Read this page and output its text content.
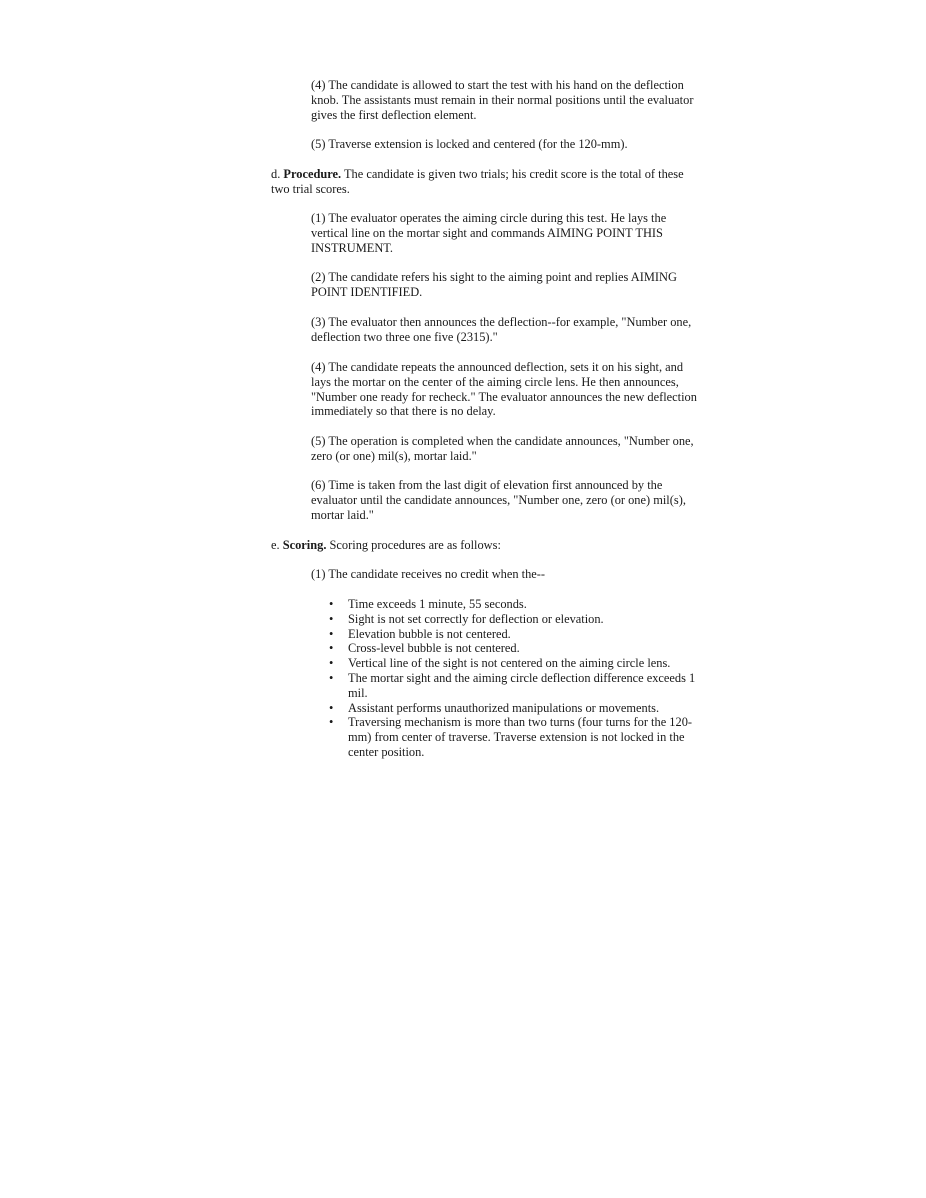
(4) The candidate is allowed to start the test with his hand on the deflection knob. The assistants must remain in their normal positions until the evaluator gives the first deflection element.

(5) Traverse extension is locked and centered (for the 120-mm).

d. Procedure. The candidate is given two trials; his credit score is the total of these two trial scores.

(1) The evaluator operates the aiming circle during this test. He lays the vertical line on the mortar sight and commands AIMING POINT THIS INSTRUMENT.

(2) The candidate refers his sight to the aiming point and replies AIMING POINT IDENTIFIED.

(3) The evaluator then announces the deflection--for example, "Number one, deflection two three one five (2315)."

(4) The candidate repeats the announced deflection, sets it on his sight, and lays the mortar on the center of the aiming circle lens. He then announces, "Number one ready for recheck." The evaluator announces the new deflection immediately so that there is no delay.

(5) The operation is completed when the candidate announces, "Number one, zero (or one) mil(s), mortar laid."

(6) Time is taken from the last digit of elevation first announced by the evaluator until the candidate announces, "Number one, zero (or one) mil(s), mortar laid."

e. Scoring. Scoring procedures are as follows:

(1) The candidate receives no credit when the--

• Time exceeds 1 minute, 55 seconds.
• Sight is not set correctly for deflection or elevation.
• Elevation bubble is not centered.
• Cross-level bubble is not centered.
• Vertical line of the sight is not centered on the aiming circle lens.
• The mortar sight and the aiming circle deflection difference exceeds 1 mil.
• Assistant performs unauthorized manipulations or movements.
• Traversing mechanism is more than two turns (four turns for the 120-mm) from center of traverse. Traverse extension is not locked in the center position.
